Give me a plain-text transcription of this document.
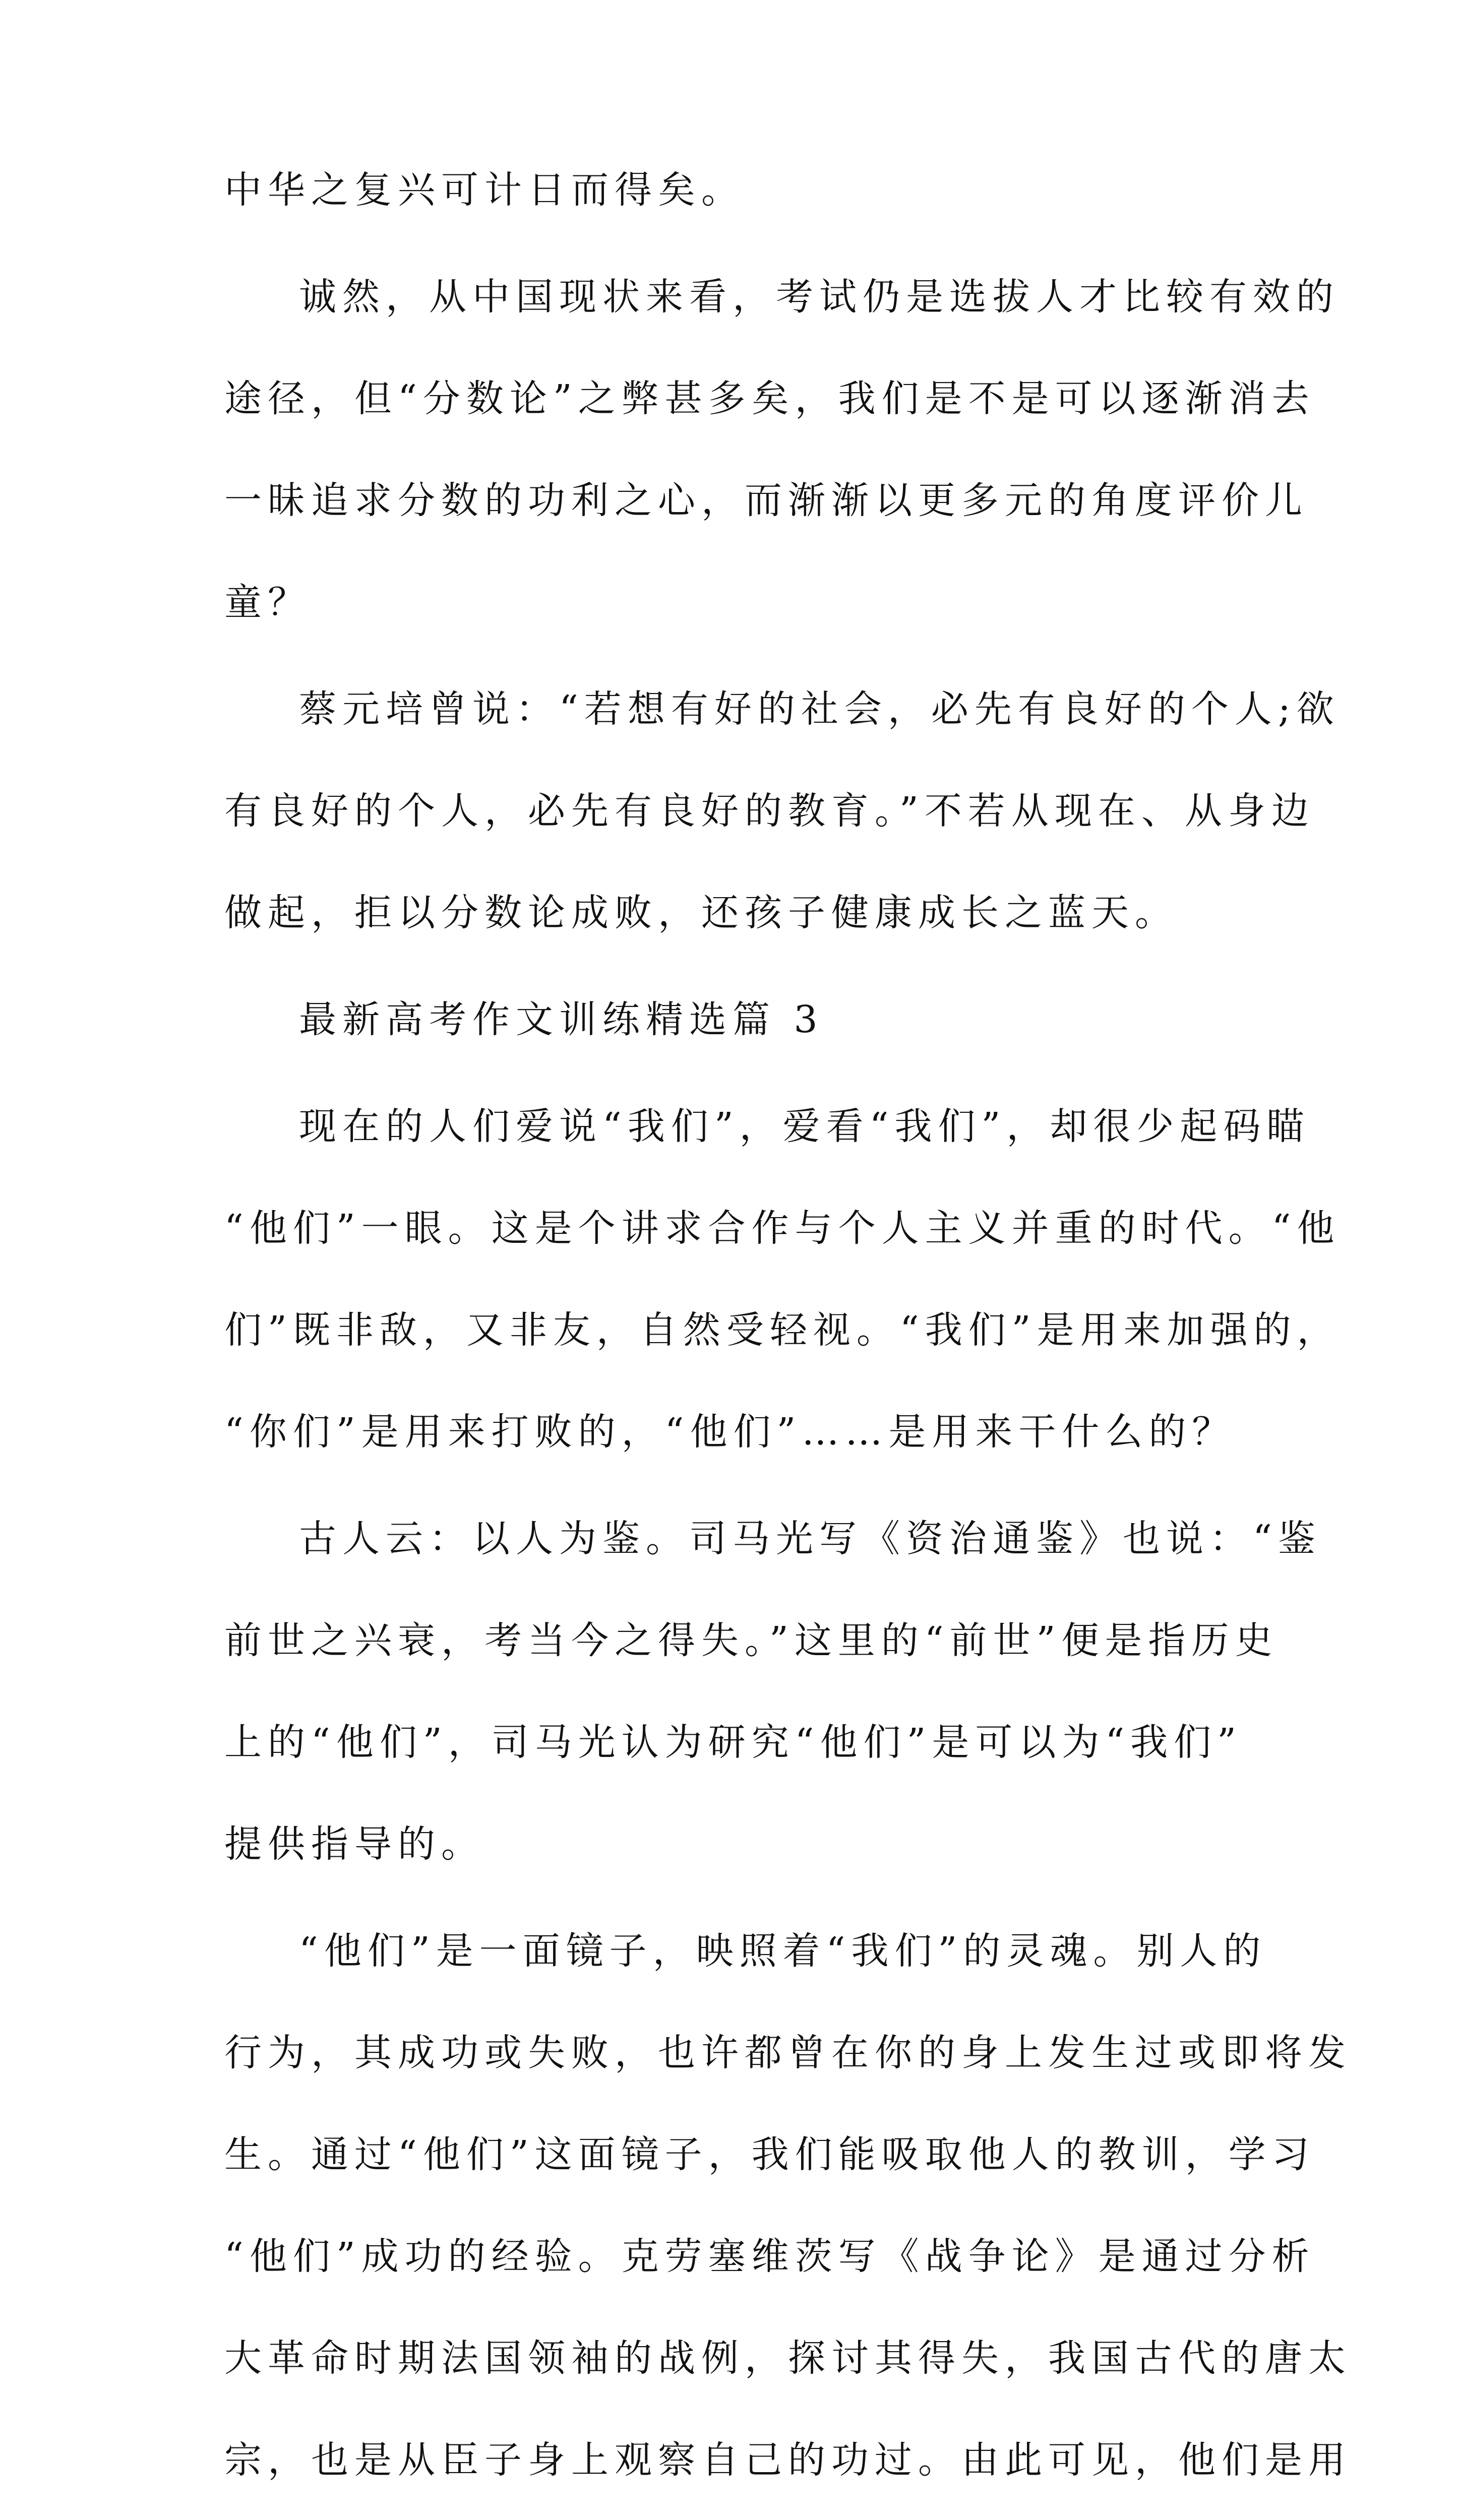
中华之复兴可计日而得矣。
诚然，从中国现状来看，考试仍是选拔人才比较有效的
途径，但“分数论”之弊甚多矣，我们是不是可以逐渐消去
一昧追求分数的功利之心，而渐渐以更多元的角度评价儿
童？
蔡元培曾说：“若想有好的社会，必先有良好的个人;欲
有良好的个人，必先有良好的教育。”不若从现在、从身边
做起，拒以分数论成败，还孩子健康成长之蓝天。
最新高考作文训练精选篇 3
现在的人们爱说“我们”，爱看“我们”，却很少起码瞄
“他们”一眼。这是个讲求合作与个人主义并重的时代。“他
们”既非敌，又非友，自然受轻视。“我们”是用来加强的，
“你们”是用来打败的，“他们”……是用来干什么的？
古人云：以人为鉴。司马光写《资治通鉴》也说：“鉴
前世之兴衰，考当今之得失。”这里的“前世”便是指历史
上的“他们”，司马光认为研究“他们”是可以为“我们”
提供指导的。
“他们”是一面镜子，映照着“我们”的灵魂。别人的
行为，其成功或失败，也许都曾在你的身上发生过或即将发
生。通过“他们”这面镜子，我们能吸取他人的教训，学习
“他们”成功的经验。克劳塞维茨写《战争论》是通过分析
大革命时期法国领袖的战例，探讨其得失，我国古代的唐太
宗，也是从臣子身上观察自己的功过。由此可见，他们是用
